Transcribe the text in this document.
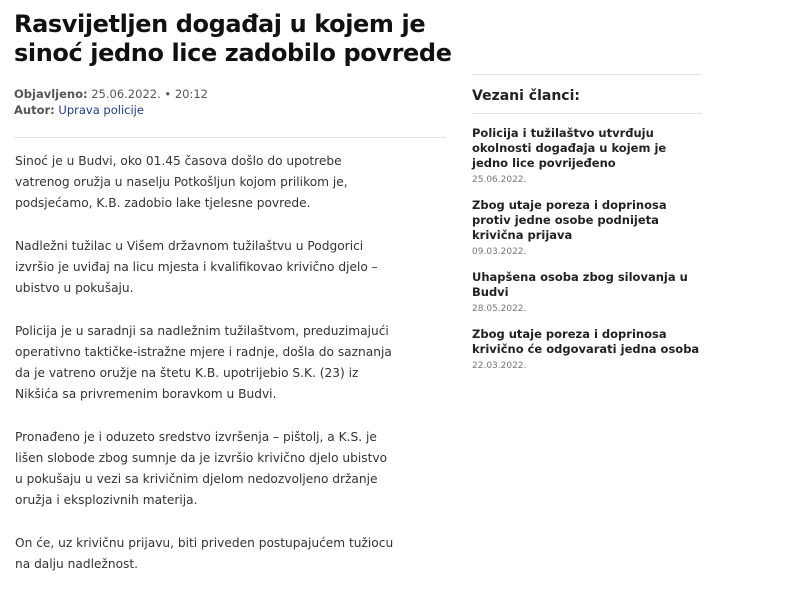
Rasvijetljen događaj u kojem je sinoć jedno lice zadobilo povrede
Objavljeno: 25.06.2022. • 20:12
Autor: Uprava policije

Sinoć je u Budvi, oko 01.45 časova došlo do upotrebe vatrenog oružja u naselju Potkošljun kojom prilikom je, podsjećamo, K.B. zadobio lake tjelesne povrede.

Nadležni tužilac u Višem državnom tužilaštvu u Podgorici izvršio je uviđaj na licu mjesta i kvalifikovao krivično djelo – ubistvo u pokušaju.

Policija je u saradnji sa nadležnim tužilaštvom, preduzimajući operativno taktičke-istražne mjere i radnje, došla do saznanja da je vatreno oružje na štetu K.B. upotrijebio S.K. (23) iz Nikšića sa privremenim boravkom u Budvi.

Pronađeno je i oduzeto sredstvo izvršenja – pištolj, a K.S. je lišen slobode zbog sumnje da je izvršio krivično djelo ubistvo u pokušaju u vezi sa krivičnim djelom nedozvoljeno držanje oružja i eksplozivnih materija.

On će, uz krivičnu prijavu, biti priveden postupajućem tužiocu na dalju nadležnost.

Vezani članci:
Policija i tužilaštvo utvrđuju okolnosti događaja u kojem je jedno lice povrijeđeno
25.06.2022.
Zbog utaje poreza i doprinosa protiv jedne osobe podnijeta krivična prijava
09.03.2022.
Uhapšena osoba zbog silovanja u Budvi
28.05.2022.
Zbog utaje poreza i doprinosa krivično će odgovarati jedna osoba
22.03.2022.
